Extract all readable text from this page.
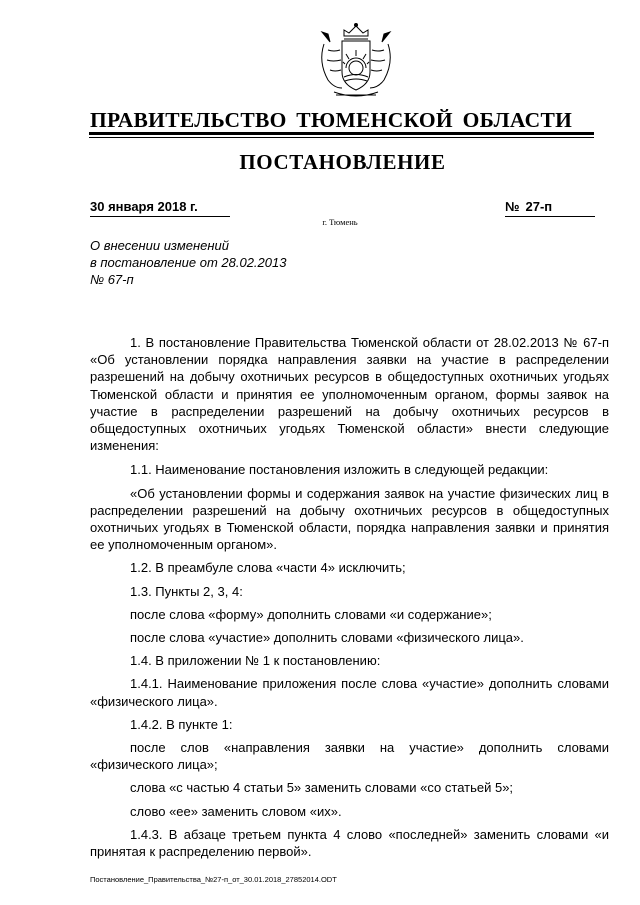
ПРАВИТЕЛЬСТВО ТЮМЕНСКОЙ ОБЛАСТИ
ПОСТАНОВЛЕНИЕ
30 января 2018 г.	№ 27-п
г. Тюмень
О внесении изменений
в постановление от 28.02.2013
№ 67-п

1. В постановление Правительства Тюменской области от 28.02.2013 № 67-п «Об установлении порядка направления заявки на участие в распределении разрешений на добычу охотничьих ресурсов в общедоступных охотничьих угодьях Тюменской области и принятия ее уполномоченным органом, формы заявок на участие в распределении разрешений на добычу охотничьих ресурсов в общедоступных охотничьих угодьях Тюменской области» внести следующие изменения:

1.1. Наименование постановления изложить в следующей редакции:

«Об установлении формы и содержания заявок на участие физических лиц в распределении разрешений на добычу охотничьих ресурсов в общедоступных охотничьих угодьях в Тюменской области, порядка направления заявки и принятия ее уполномоченным органом».

1.2. В преамбуле слова «части 4» исключить;

1.3. Пункты 2, 3, 4:

после слова «форму» дополнить словами «и содержание»;

после слова «участие» дополнить словами «физического лица».

1.4. В приложении № 1 к постановлению:

1.4.1. Наименование приложения после слова «участие» дополнить словами «физического лица».

1.4.2. В пункте 1:

после слов «направления заявки на участие» дополнить словами «физического лица»;

слова «с частью 4 статьи 5» заменить словами «со статьей 5»;

слово «ее» заменить словом «их».

1.4.3. В абзаце третьем пункта 4 слово «последней» заменить словами «и принятая к распределению первой».

Постановление_Правительства_№27-п_от_30.01.2018_27852014.ODT
